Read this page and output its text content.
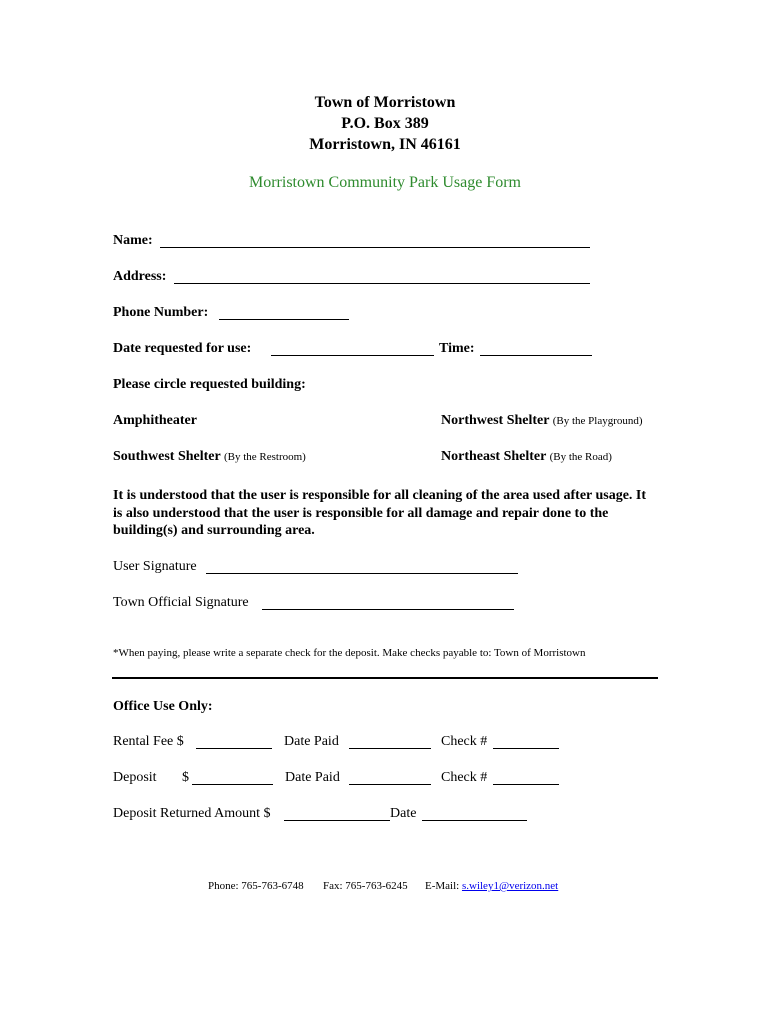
Town of Morristown
P.O. Box 389
Morristown, IN 46161
Morristown Community Park Usage Form
Name:
Address:
Phone Number:
Date requested for use:	Time:
Please circle requested building:
Amphitheater	Northwest Shelter (By the Playground)
Southwest Shelter (By the Restroom)	Northeast Shelter (By the Road)
It is understood that the user is responsible for all cleaning of the area used after usage. It is also understood that the user is responsible for all damage and repair done to the building(s) and surrounding area.
User Signature
Town Official Signature
*When paying, please write a separate check for the deposit. Make checks payable to: Town of Morristown
Office Use Only:
Rental Fee $	Date Paid	Check #
Deposit $	Date Paid	Check #
Deposit Returned Amount $	Date
Phone: 765-763-6748 Fax: 765-763-6245 E-Mail: s.wiley1@verizon.net
